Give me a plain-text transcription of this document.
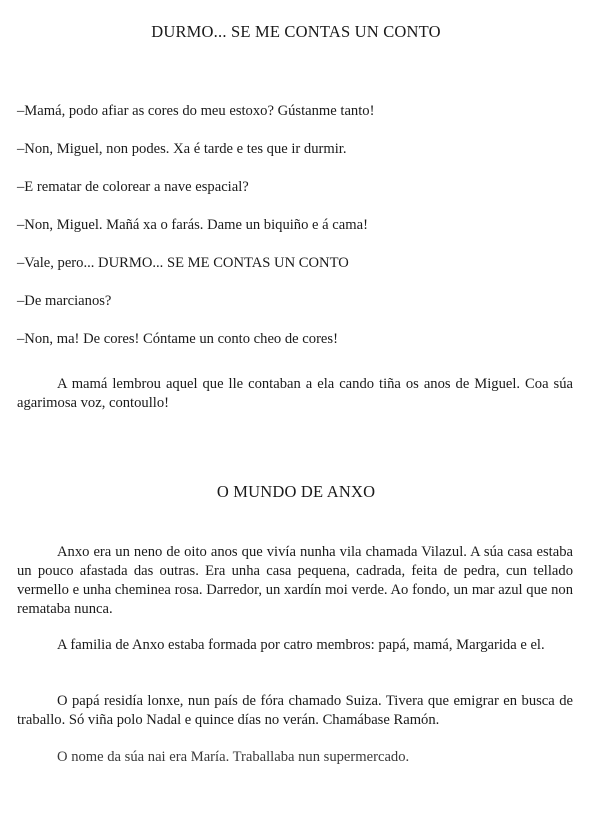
DURMO... SE ME CONTAS UN CONTO
–Mamá, podo afiar as cores do meu estoxo? Gústanme tanto!
–Non, Miguel, non podes. Xa é tarde e tes que ir durmir.
–E rematar de colorear a nave espacial?
–Non, Miguel. Mañá xa o farás. Dame un biquiño e á cama!
–Vale, pero... DURMO... SE ME CONTAS UN CONTO
–De marcianos?
–Non, ma! De cores! Cóntame un conto cheo de cores!
A mamá lembrou aquel que lle contaban a ela cando tiña os anos de Miguel. Coa súa agarimosa voz, contoullo!
O MUNDO DE ANXO
Anxo era un neno de oito anos que vivía nunha vila chamada Vilazul. A súa casa estaba un pouco afastada das outras. Era unha casa pequena, cadrada, feita de pedra, cun tellado vermello e unha cheminea rosa. Darredor, un xardín moi verde. Ao fondo, un mar azul que non remataba nunca.
A familia de Anxo estaba formada por catro membros: papá, mamá, Margarida e el.
O papá residía lonxe, nun país de fóra chamado Suiza. Tivera que emigrar en busca de traballo. Só viña polo Nadal e quince días no verán. Chamábase Ramón.
O nome da súa nai era María. Traballaba nun supermercado.
